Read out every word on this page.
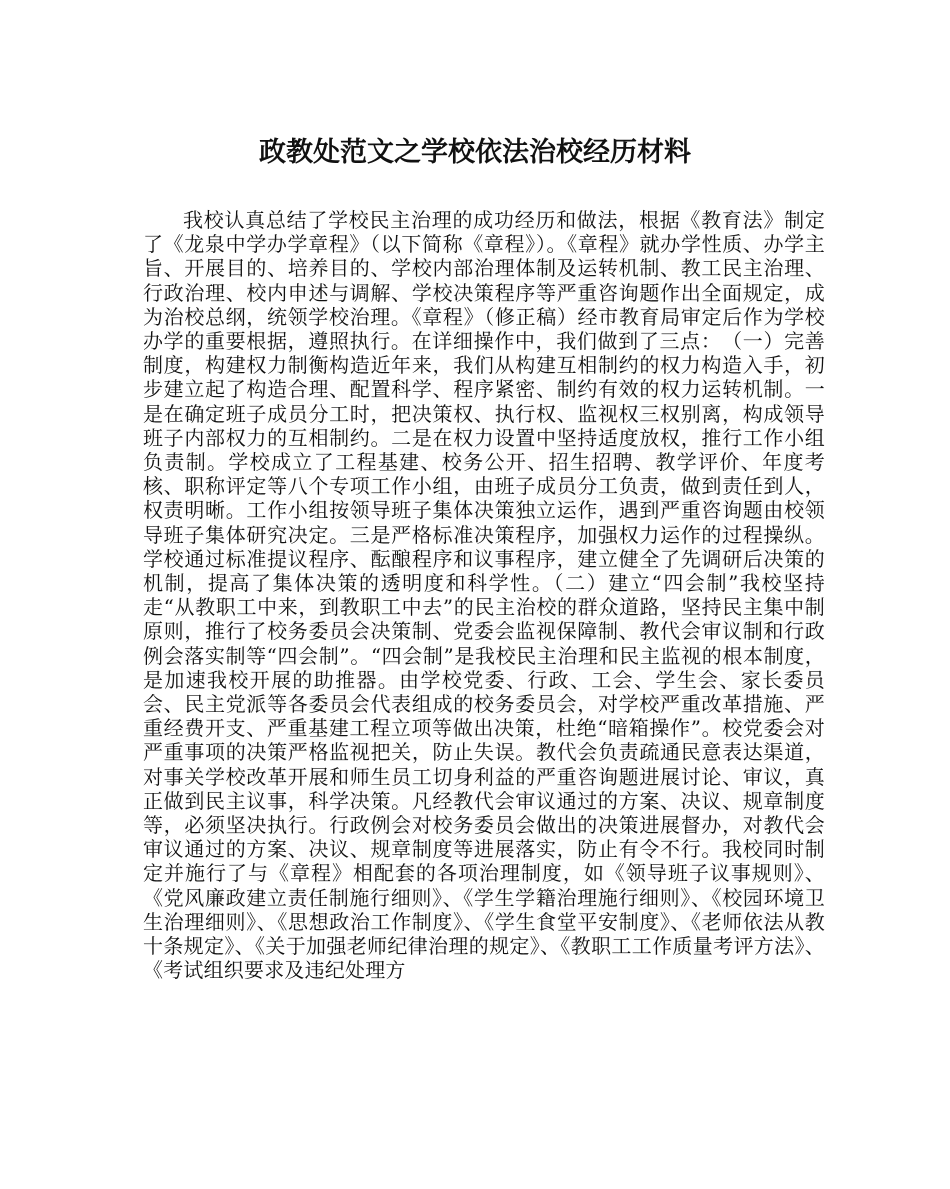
政教处范文之学校依法治校经历材料

我校认真总结了学校民主治理的成功经历和做法，根据《教育法》制定了《龙泉中学办学章程》（以下简称《章程》）。《章程》就办学性质、办学主旨、开展目的、培养目的、学校内部治理体制及运转机制、教工民主治理、行政治理、校内申述与调解、学校决策程序等严重咨询题作出全面规定，成为治校总纲，统领学校治理。《章程》（修正稿）经市教育局审定后作为学校办学的重要根据，遵照执行。在详细操作中，我们做到了三点：　（一）完善制度，构建权力制衡构造近年来，我们从构建互相制约的权力构造入手，初步建立起了构造合理、配置科学、程序紧密、制约有效的权力运转机制。一是在确定班子成员分工时，把决策权、执行权、监视权三权别离，构成领导班子内部权力的互相制约。二是在权力设置中坚持适度放权，推行工作小组负责制。学校成立了工程基建、校务公开、招生招聘、教学评价、年度考核、职称评定等八个专项工作小组，由班子成员分工负责，做到责任到人，权责明晰。工作小组按领导班子集体决策独立运作，遇到严重咨询题由校领导班子集体研究决定。三是严格标准决策程序，加强权力运作的过程操纵。学校通过标准提议程序、酝酿程序和议事程序，建立健全了先调研后决策的机制，提高了集体决策的透明度和科学性。（二）建立“四会制”我校坚持走“从教职工中来，到教职工中去”的民主治校的群众道路，坚持民主集中制原则，推行了校务委员会决策制、党委会监视保障制、教代会审议制和行政例会落实制等“四会制”。“四会制”是我校民主治理和民主监视的根本制度，是加速我校开展的助推器。由学校党委、行政、工会、学生会、家长委员会、民主党派等各委员会代表组成的校务委员会，对学校严重改革措施、严重经费开支、严重基建工程立项等做出决策，杜绝“暗箱操作”。校党委会对严重事项的决策严格监视把关，防止失误。教代会负责疏通民意表达渠道，对事关学校改革开展和师生员工切身利益的严重咨询题进展讨论、审议，真正做到民主议事，科学决策。凡经教代会审议通过的方案、决议、规章制度等，必须坚决执行。行政例会对校务委员会做出的决策进展督办，对教代会审议通过的方案、决议、规章制度等进展落实，防止有令不行。我校同时制定并施行了与《章程》相配套的各项治理制度，如《领导班子议事规则》、《党风廉政建立责任制施行细则》、《学生学籍治理施行细则》、《校园环境卫生治理细则》、《思想政治工作制度》、《学生食堂平安制度》、《老师依法从教十条规定》、《关于加强老师纪律治理的规定》、《教职工工作质量考评方法》、《考试组织要求及违纪处理方
